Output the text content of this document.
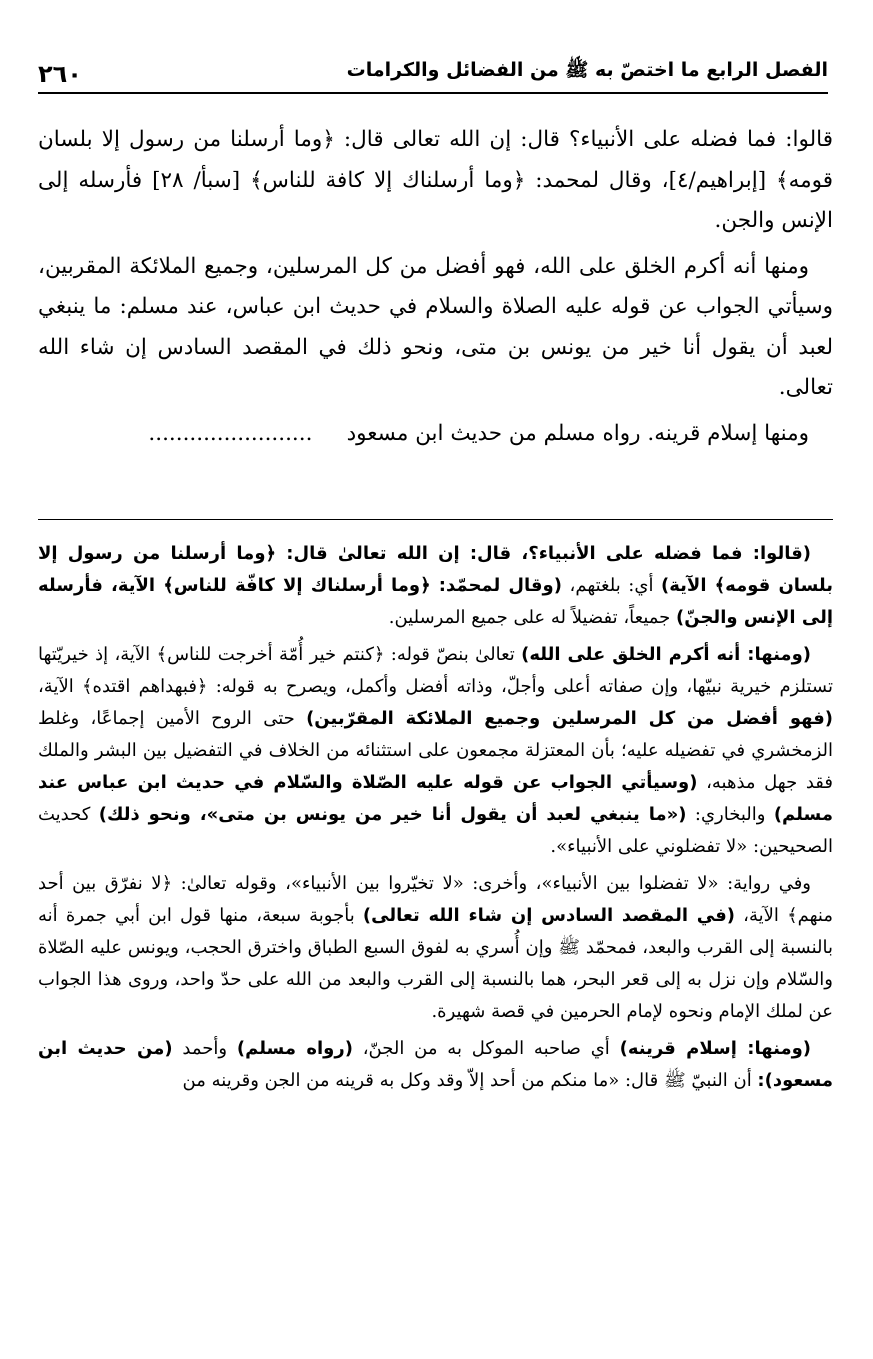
الفصل الرابع ما اختصّ به ﷺ من الفضائل والكرامات
٢٦٠

قالوا: فما فضله على الأنبياء؟ قال: إن الله تعالى قال: ﴿وما أرسلنا من رسول إلا بلسان قومه﴾ [إبراهيم/٤]، وقال لمحمد: ﴿وما أرسلناك إلا كافة للناس﴾ [سبأ/ ٢٨] فأرسله إلى الإنس والجن.

ومنها أنه أكرم الخلق على الله، فهو أفضل من كل المرسلين، وجميع الملائكة المقربين، وسيأتي الجواب عن قوله عليه الصلاة والسلام في حديث ابن عباس، عند مسلم: ما ينبغي لعبد أن يقول أنا خير من يونس بن متى، ونحو ذلك في المقصد السادس إن شاء الله تعالى.

ومنها إسلام قرينه. رواه مسلم من حديث ابن مسعود     ........................

(قالوا: فما فضله على الأنبياء؟، قال: إن الله تعالىٰ قال: ﴿وما أرسلنا من رسول إلا بلسان قومه﴾ الآية) أي: بلغتهم، (وقال لمحمّد: ﴿وما أرسلناك إلا كافّة للناس﴾ الآية، فأرسله إلى الإنس والجنّ) جميعاً، تفضيلاً له على جميع المرسلين.

(ومنها: أنه أكرم الخلق على الله) تعالىٰ بنصّ قوله: ﴿كنتم خير أُمّة أخرجت للناس﴾ الآية، إذ خيريّتها تستلزم خيرية نبيّها، وإن صفاته أعلى وأجلّ، وذاته أفضل وأكمل، ويصرح به قوله: ﴿فبهداهم اقتده﴾ الآية، (فهو أفضل من كل المرسلين وجميع الملائكة المقرّبين) حتى الروح الأمين إجماعًا، وغلط الزمخشري في تفضيله عليه؛ بأن المعتزلة مجمعون على استثنائه من الخلاف في التفضيل بين البشر والملك فقد جهل مذهبه، (وسيأتي الجواب عن قوله عليه الصّلاة والسّلام في حديث ابن عباس عند مسلم) والبخاري: («ما ينبغي لعبد أن يقول أنا خير من يونس بن متى»، ونحو ذلك) كحديث الصحيحين: «لا تفضلوني على الأنبياء».

وفي رواية: «لا تفضلوا بين الأنبياء»، وأخرى: «لا تخيّروا بين الأنبياء»، وقوله تعالىٰ: ﴿لا نفرّق بين أحد منهم﴾ الآية، (في المقصد السادس إن شاء الله تعالى) بأجوبة سبعة، منها قول ابن أبي جمرة أنه بالنسبة إلى القرب والبعد، فمحمّد ﷺ وإن أُسري به لفوق السبع الطباق واخترق الحجب، ويونس عليه الصّلاة والسّلام وإن نزل به إلى قعر البحر، هما بالنسبة إلى القرب والبعد من الله على حدّ واحد، وروى هذا الجواب عن لملك الإمام ونحوه لإمام الحرمين في قصة شهيرة.

(ومنها: إسلام قرينه) أي صاحبه الموكل به من الجنّ، (رواه مسلم) وأحمد (من حديث ابن مسعود): أن النبيّ ﷺ قال: «ما منكم من أحد إلاّ وقد وكل به قرينه من الجن وقرينه من
